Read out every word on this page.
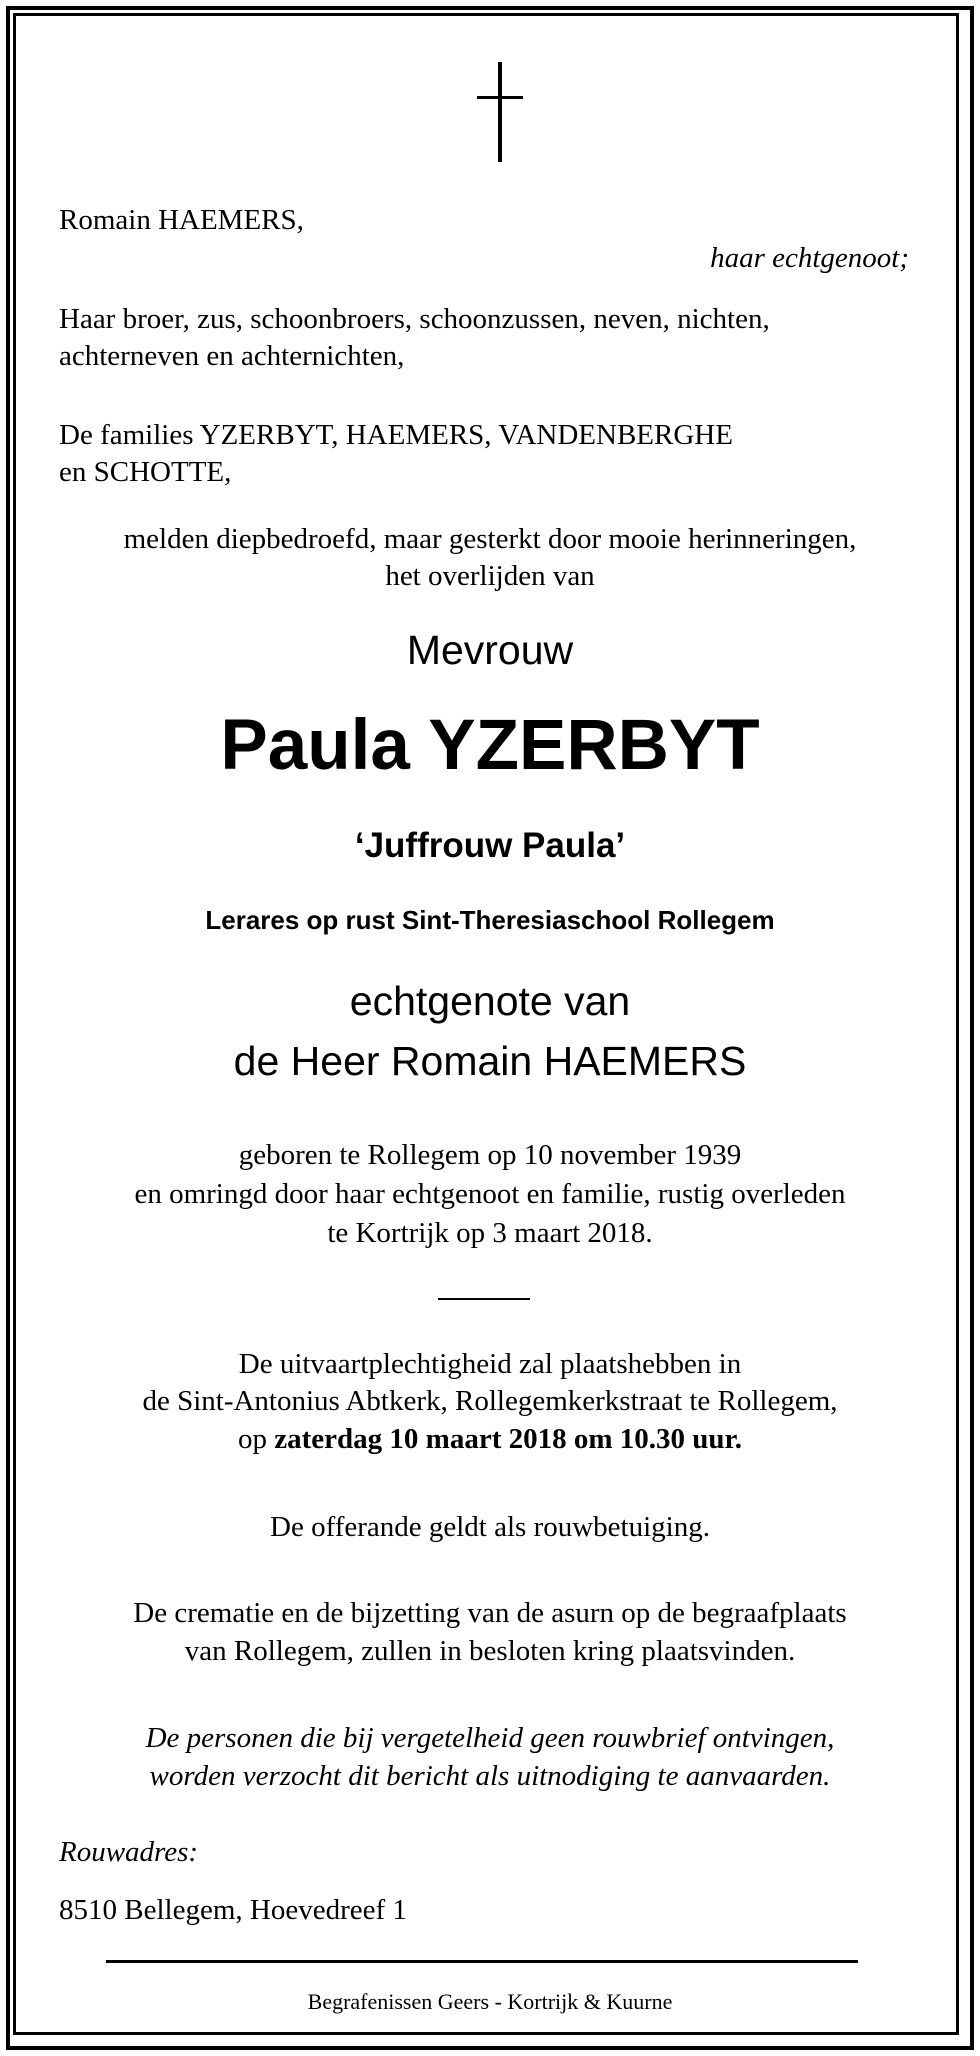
Romain HAEMERS,
haar echtgenoot;
Haar broer, zus, schoonbroers, schoonzussen, neven, nichten,
achterneven en achternichten,
De families YZERBYT, HAEMERS, VANDENBERGHE
en SCHOTTE,
melden diepbedroefd, maar gesterkt door mooie herinneringen,
het overlijden van
Mevrouw
Paula YZERBYT
‘Juffrouw Paula’
Lerares op rust Sint-Theresiaschool Rollegem
echtgenote van
de Heer Romain HAEMERS
geboren te Rollegem op 10 november 1939
en omringd door haar echtgenoot en familie, rustig overleden
te Kortrijk op 3 maart 2018.
De uitvaartplechtigheid zal plaatshebben in
de Sint-Antonius Abtkerk, Rollegemkerkstraat te Rollegem,
op zaterdag 10 maart 2018 om 10.30 uur.
De offerande geldt als rouwbetuiging.
De crematie en de bijzetting van de asurn op de begraafplaats
van Rollegem, zullen in besloten kring plaatsvinden.
De personen die bij vergetelheid geen rouwbrief ontvingen,
worden verzocht dit bericht als uitnodiging te aanvaarden.
Rouwadres:
8510 Bellegem, Hoevedreef 1
Begrafenissen Geers - Kortrijk & Kuurne
